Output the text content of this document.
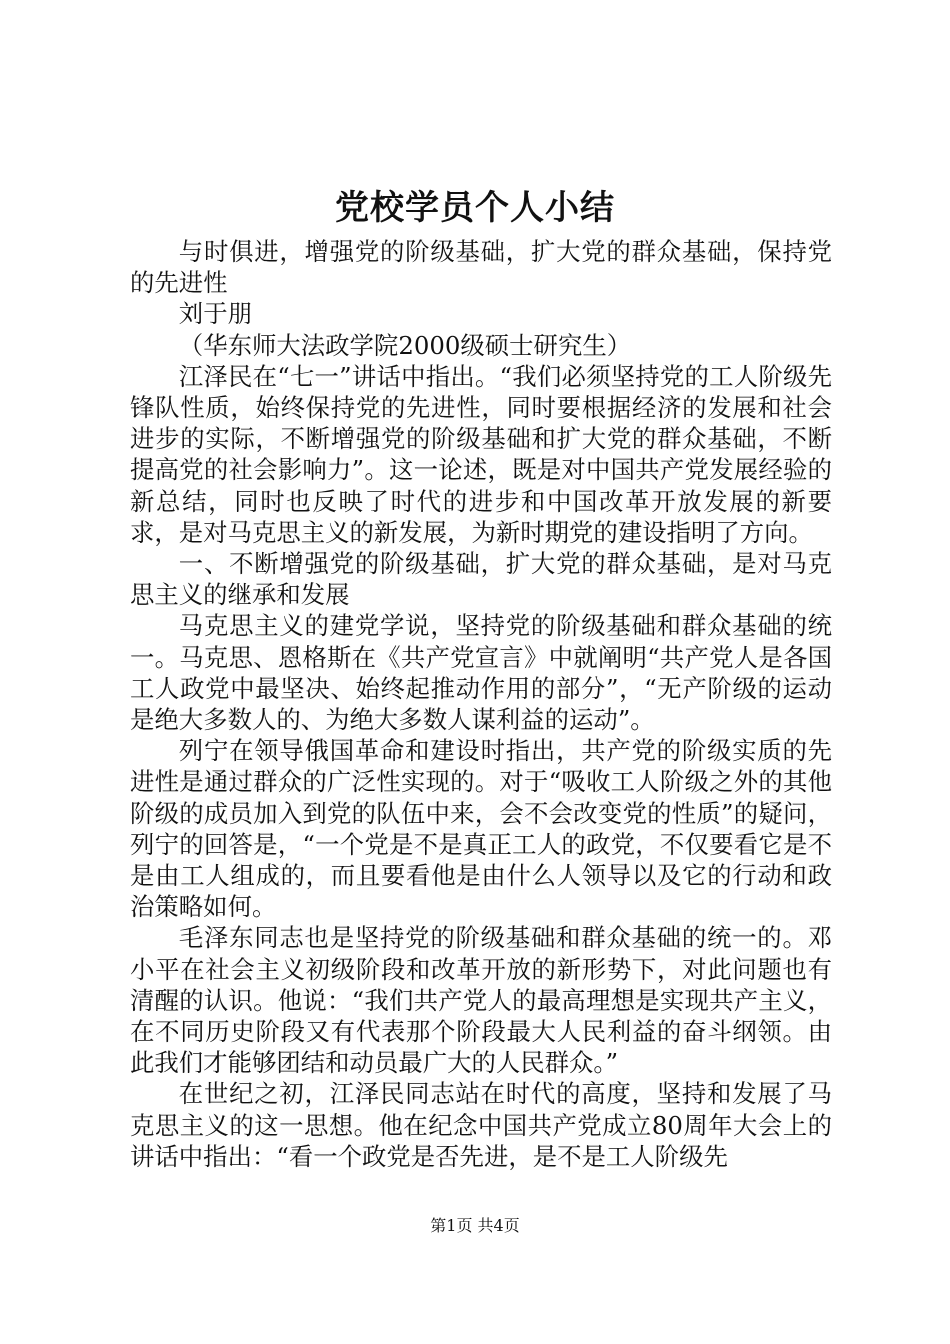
党校学员个人小结

与时俱进，增强党的阶级基础，扩大党的群众基础，保持党的先进性

刘于朋

（华东师大法政学院2000级硕士研究生）

江泽民在“七一”讲话中指出。“我们必须坚持党的工人阶级先锋队性质，始终保持党的先进性，同时要根据经济的发展和社会进步的实际，不断增强党的阶级基础和扩大党的群众基础，不断提高党的社会影响力”。这一论述，既是对中国共产党发展经验的新总结，同时也反映了时代的进步和中国改革开放发展的新要求，是对马克思主义的新发展，为新时期党的建设指明了方向。

一、不断增强党的阶级基础，扩大党的群众基础，是对马克思主义的继承和发展

马克思主义的建党学说，坚持党的阶级基础和群众基础的统一。马克思、恩格斯在《共产党宣言》中就阐明“共产党人是各国工人政党中最坚决、始终起推动作用的部分”，“无产阶级的运动是绝大多数人的、为绝大多数人谋利益的运动”。

列宁在领导俄国革命和建设时指出，共产党的阶级实质的先进性是通过群众的广泛性实现的。对于“吸收工人阶级之外的其他阶级的成员加入到党的队伍中来，会不会改变党的性质”的疑问，列宁的回答是，“一个党是不是真正工人的政党，不仅要看它是不是由工人组成的，而且要看他是由什么人领导以及它的行动和政治策略如何。

毛泽东同志也是坚持党的阶级基础和群众基础的统一的。邓小平在社会主义初级阶段和改革开放的新形势下，对此问题也有清醒的认识。他说：“我们共产党人的最高理想是实现共产主义，在不同历史阶段又有代表那个阶段最大人民利益的奋斗纲领。由此我们才能够团结和动员最广大的人民群众。”

在世纪之初，江泽民同志站在时代的高度，坚持和发展了马克思主义的这一思想。他在纪念中国共产党成立80周年大会上的讲话中指出：“看一个政党是否先进，是不是工人阶级先

第1页 共4页
